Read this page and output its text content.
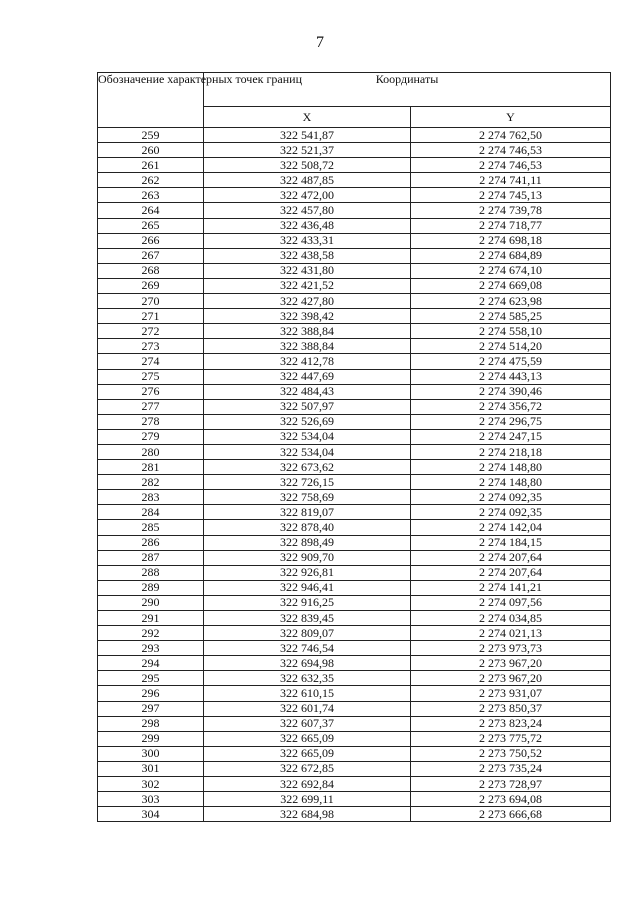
7
Обозначение характерных точек границ	Координаты	
	X	Y
259	322 541,87	2 274 762,50
260	322 521,37	2 274 746,53
261	322 508,72	2 274 746,53
262	322 487,85	2 274 741,11
263	322 472,00	2 274 745,13
264	322 457,80	2 274 739,78
265	322 436,48	2 274 718,77
266	322 433,31	2 274 698,18
267	322 438,58	2 274 684,89
268	322 431,80	2 274 674,10
269	322 421,52	2 274 669,08
270	322 427,80	2 274 623,98
271	322 398,42	2 274 585,25
272	322 388,84	2 274 558,10
273	322 388,84	2 274 514,20
274	322 412,78	2 274 475,59
275	322 447,69	2 274 443,13
276	322 484,43	2 274 390,46
277	322 507,97	2 274 356,72
278	322 526,69	2 274 296,75
279	322 534,04	2 274 247,15
280	322 534,04	2 274 218,18
281	322 673,62	2 274 148,80
282	322 726,15	2 274 148,80
283	322 758,69	2 274 092,35
284	322 819,07	2 274 092,35
285	322 878,40	2 274 142,04
286	322 898,49	2 274 184,15
287	322 909,70	2 274 207,64
288	322 926,81	2 274 207,64
289	322 946,41	2 274 141,21
290	322 916,25	2 274 097,56
291	322 839,45	2 274 034,85
292	322 809,07	2 274 021,13
293	322 746,54	2 273 973,73
294	322 694,98	2 273 967,20
295	322 632,35	2 273 967,20
296	322 610,15	2 273 931,07
297	322 601,74	2 273 850,37
298	322 607,37	2 273 823,24
299	322 665,09	2 273 775,72
300	322 665,09	2 273 750,52
301	322 672,85	2 273 735,24
302	322 692,84	2 273 728,97
303	322 699,11	2 273 694,08
304	322 684,98	2 273 666,68
